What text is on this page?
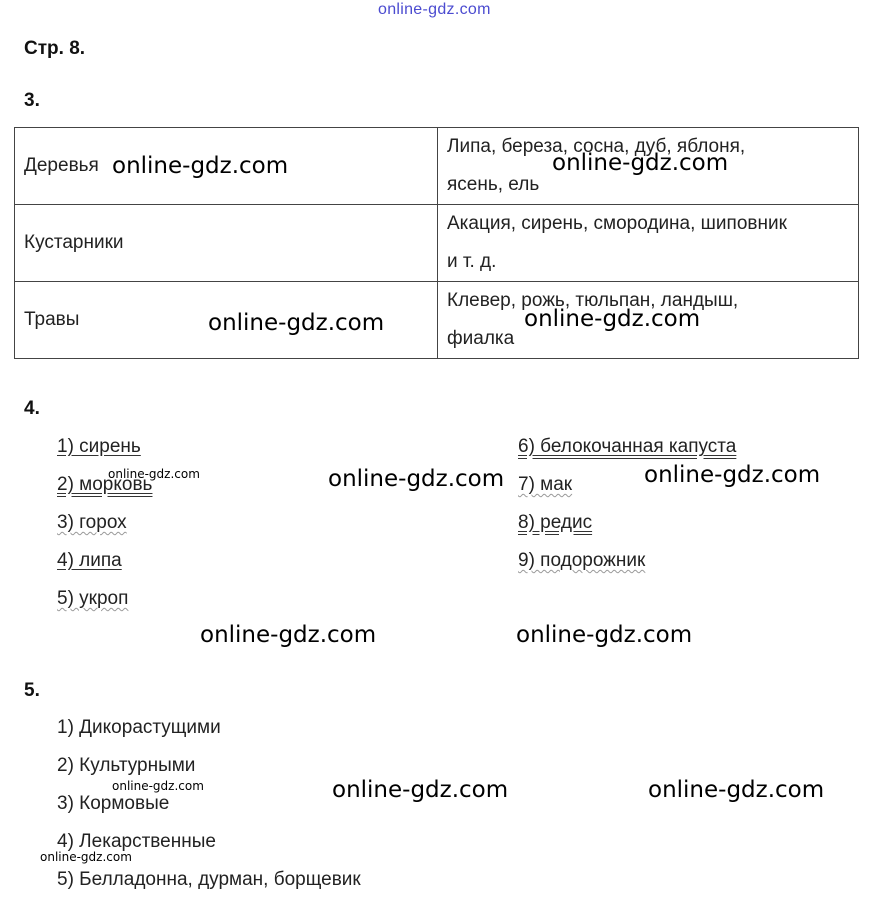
online-gdz.com
Стр. 8.
3.
Деревья	Липа, береза, сосна, дуб, яблоня,
ясень, ель
Кустарники	Акация, сирень, смородина, шиповник
и т. д.
Травы	Клевер, рожь, тюльпан, ландыш,
фиалка
online-gdz.com	online-gdz.com
online-gdz.com	online-gdz.com
4.
1) сирень
2) морковь
3) горох
4) липа
5) укроп
6) белокочанная капуста
7) мак
8) редис
9) подорожник
online-gdz.com	online-gdz.com	online-gdz.com
online-gdz.com	online-gdz.com
5.
1) Дикорастущими
2) Культурными
3) Кормовые
4) Лекарственные
5) Белладонна, дурман, борщевик
online-gdz.com	online-gdz.com	online-gdz.com
online-gdz.com
